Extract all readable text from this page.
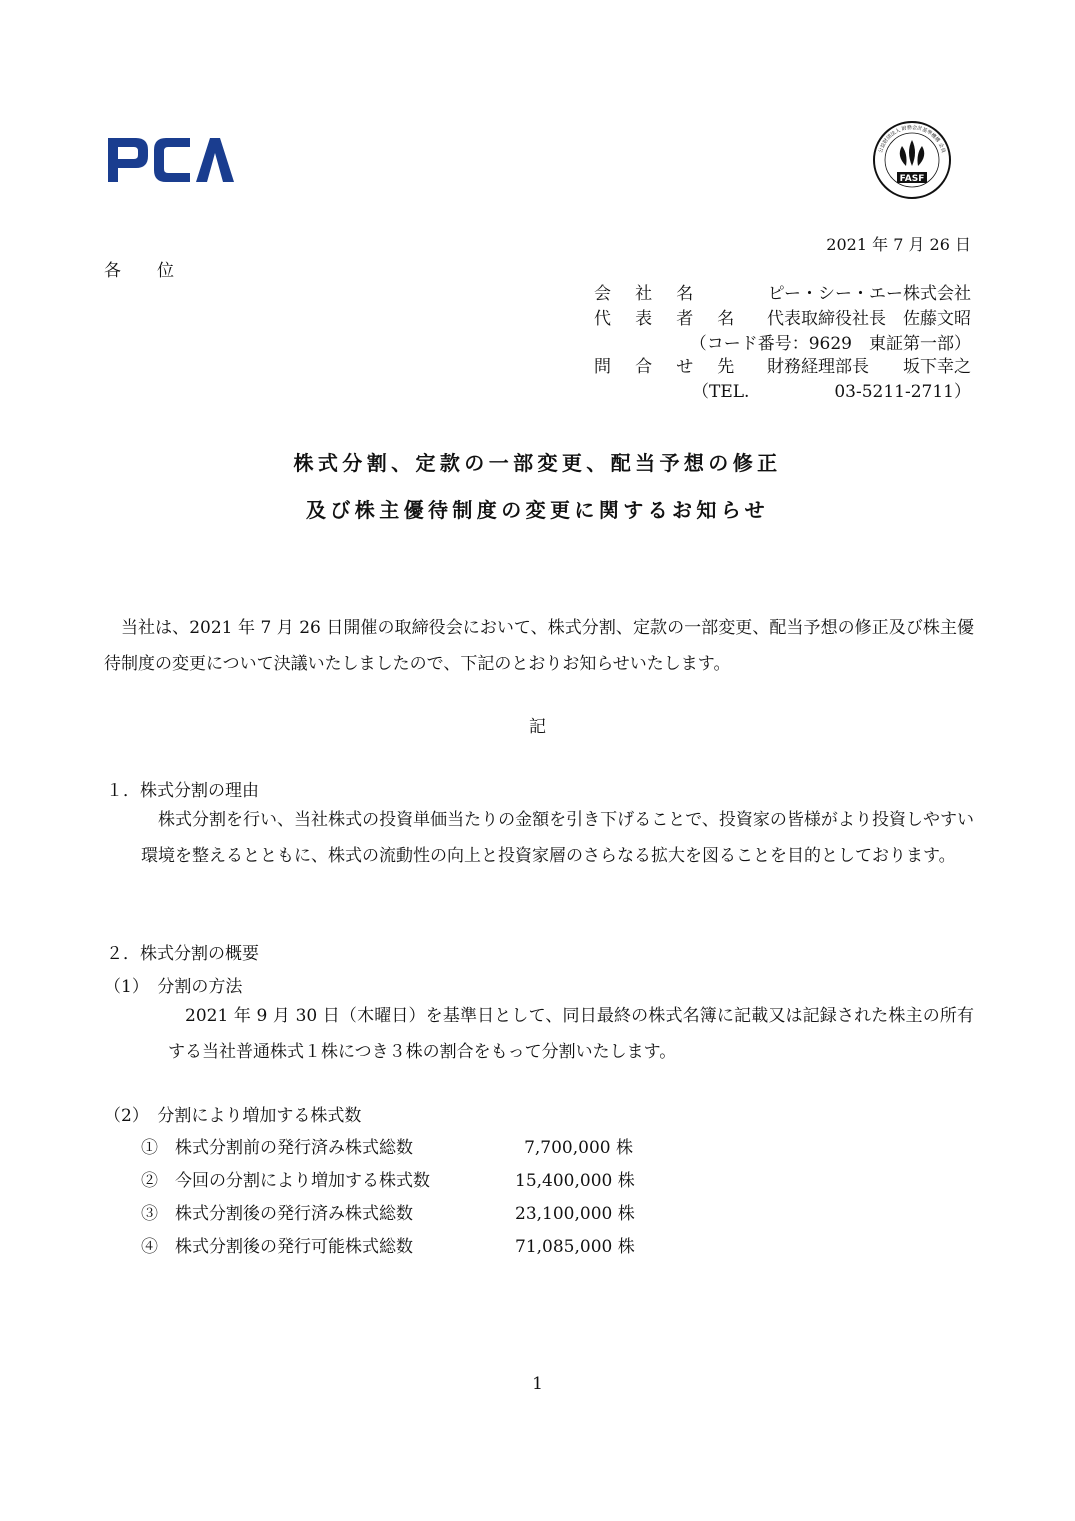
FASF
公益財団法人 財務会計基準機構 会員
2021 年 7 月 26 日
各 位
会 社 名	ピー・シー・エー株式会社
代 表 者 名 代表取締役社長　佐藤文昭
（コード番号：9629　東証第一部）
問 合 せ 先 財務経理部長　　坂下幸之
（TEL.	03-5211-2711）
株式分割、定款の一部変更、配当予想の修正
及び株主優待制度の変更に関するお知らせ
当社は、2021 年 7 月 26 日開催の取締役会において、株式分割、定款の一部変更、配当予想の修正及び株主優待制度の変更について決議いたしましたので、下記のとおりお知らせいたします。
記
１．株式分割の理由
株式分割を行い、当社株式の投資単価当たりの金額を引き下げることで、投資家の皆様がより投資しやすい環境を整えるとともに、株式の流動性の向上と投資家層のさらなる拡大を図ることを目的としております。
２．株式分割の概要
（1）　分割の方法
2021 年 9 月 30 日（木曜日）を基準日として、同日最終の株式名簿に記載又は記録された株主の所有する当社普通株式１株につき３株の割合をもって分割いたします。
（2）　分割により増加する株式数
①　株式分割前の発行済み株式総数	7,700,000 株
②　今回の分割により増加する株式数	15,400,000 株
③　株式分割後の発行済み株式総数	23,100,000 株
④　株式分割後の発行可能株式総数	71,085,000 株
1
